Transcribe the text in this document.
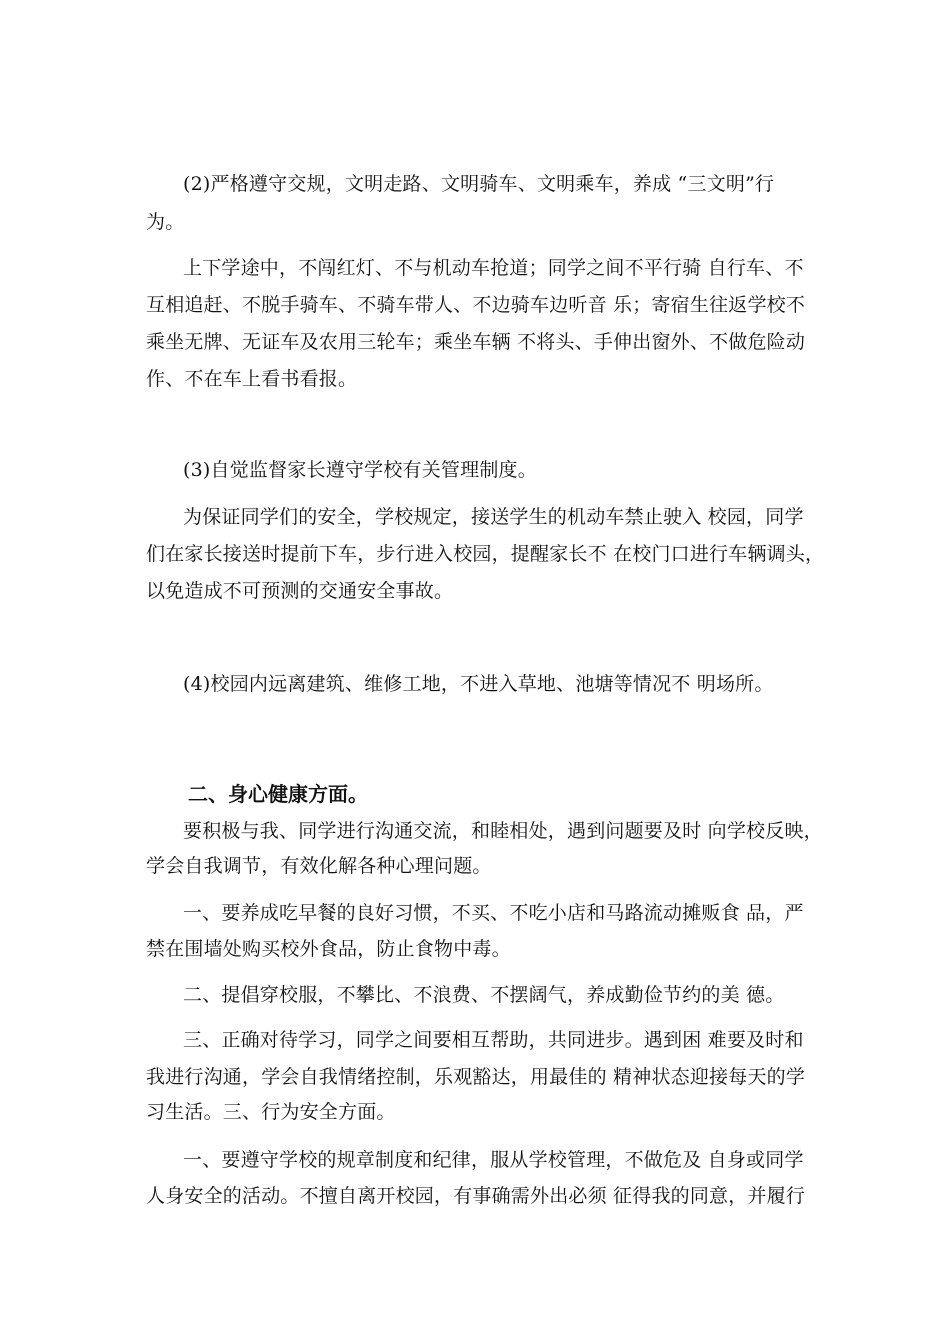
(2)严格遵守交规，文明走路、文明骑车、文明乘车，养成 “三文明”行
为。
上下学途中，不闯红灯、不与机动车抢道；同学之间不平行骑 自行车、不
互相追赶、不脱手骑车、不骑车带人、不边骑车边听音 乐；寄宿生往返学校不
乘坐无牌、无证车及农用三轮车；乘坐车辆 不将头、手伸出窗外、不做危险动
作、不在车上看书看报。
(3)自觉监督家长遵守学校有关管理制度。
为保证同学们的安全，学校规定，接送学生的机动车禁止驶入 校园，同学
们在家长接送时提前下车，步行进入校园，提醒家长不 在校门口进行车辆调头，
以免造成不可预测的交通安全事故。
(4)校园内远离建筑、维修工地，不进入草地、池塘等情况不 明场所。
二、身心健康方面。
要积极与我、同学进行沟通交流，和睦相处，遇到问题要及时 向学校反映，
学会自我调节，有效化解各种心理问题。
一、要养成吃早餐的良好习惯，不买、不吃小店和马路流动摊贩食 品，严
禁在围墙处购买校外食品，防止食物中毒。
二、提倡穿校服，不攀比、不浪费、不摆阔气，养成勤俭节约的美 德。
三、正确对待学习，同学之间要相互帮助，共同进步。遇到困 难要及时和
我进行沟通，学会自我情绪控制，乐观豁达，用最佳的 精神状态迎接每天的学
习生活。三、行为安全方面。
一、要遵守学校的规章制度和纪律，服从学校管理，不做危及 自身或同学
人身安全的活动。不擅自离开校园，有事确需外出必须 征得我的同意，并履行
